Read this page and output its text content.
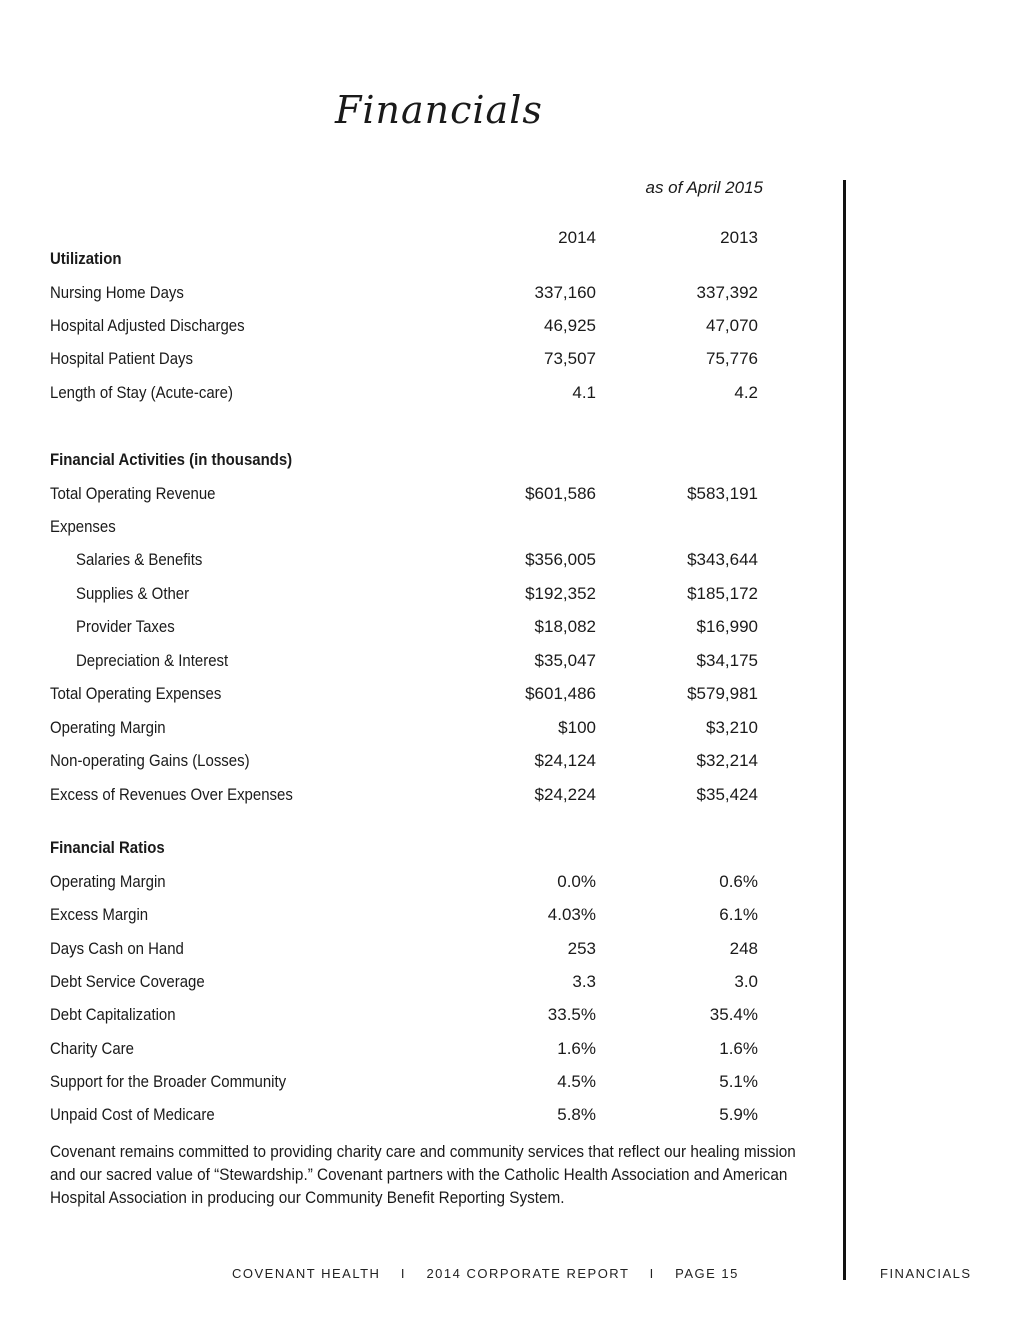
Financials
as of April 2015
2014	2013
Utilization
Nursing Home Days	337,160	337,392
Hospital Adjusted Discharges	46,925	47,070
Hospital Patient Days	73,507	75,776
Length of Stay (Acute-care)	4.1	4.2
Financial Activities (in thousands)
Total Operating Revenue	$601,586	$583,191
Expenses
Salaries & Benefits	$356,005	$343,644
Supplies & Other	$192,352	$185,172
Provider Taxes	$18,082	$16,990
Depreciation & Interest	$35,047	$34,175
Total Operating Expenses	$601,486	$579,981
Operating Margin	$100	$3,210
Non-operating Gains (Losses)	$24,124	$32,214
Excess of Revenues Over Expenses	$24,224	$35,424
Financial Ratios
Operating Margin	0.0%	0.6%
Excess Margin	4.03%	6.1%
Days Cash on Hand	253	248
Debt Service Coverage	3.3	3.0
Debt Capitalization	33.5%	35.4%
Charity Care	1.6%	1.6%
Support for the Broader Community	4.5%	5.1%
Unpaid Cost of Medicare	5.8%	5.9%
Covenant remains committed to providing charity care and community services that reflect our healing mission
and our sacred value of “Stewardship.” Covenant partners with the Catholic Health Association and American
Hospital Association in producing our Community Benefit Reporting System.
COVENANT HEALTH    I    2014 CORPORATE REPORT    I    PAGE 15	FINANCIALS
